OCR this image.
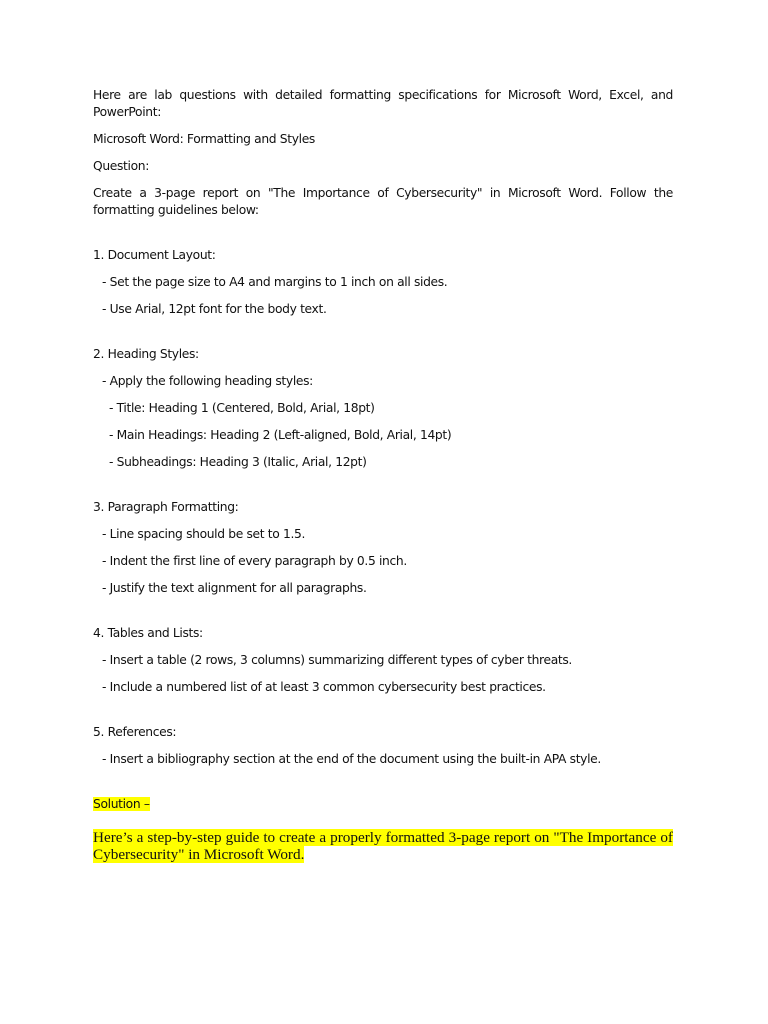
Here are lab questions with detailed formatting specifications for Microsoft Word, Excel, and PowerPoint:

Microsoft Word: Formatting and Styles

Question:

Create a 3-page report on "The Importance of Cybersecurity" in Microsoft Word. Follow the formatting guidelines below:

1. Document Layout:

- Set the page size to A4 and margins to 1 inch on all sides.

- Use Arial, 12pt font for the body text.

2. Heading Styles:

- Apply the following heading styles:

- Title: Heading 1 (Centered, Bold, Arial, 18pt)

- Main Headings: Heading 2 (Left-aligned, Bold, Arial, 14pt)

- Subheadings: Heading 3 (Italic, Arial, 12pt)

3. Paragraph Formatting:

- Line spacing should be set to 1.5.

- Indent the first line of every paragraph by 0.5 inch.

- Justify the text alignment for all paragraphs.

4. Tables and Lists:

- Insert a table (2 rows, 3 columns) summarizing different types of cyber threats.

- Include a numbered list of at least 3 common cybersecurity best practices.

5. References:

- Insert a bibliography section at the end of the document using the built-in APA style.

Solution –

Here’s a step-by-step guide to create a properly formatted 3-page report on "The Importance of Cybersecurity" in Microsoft Word.
